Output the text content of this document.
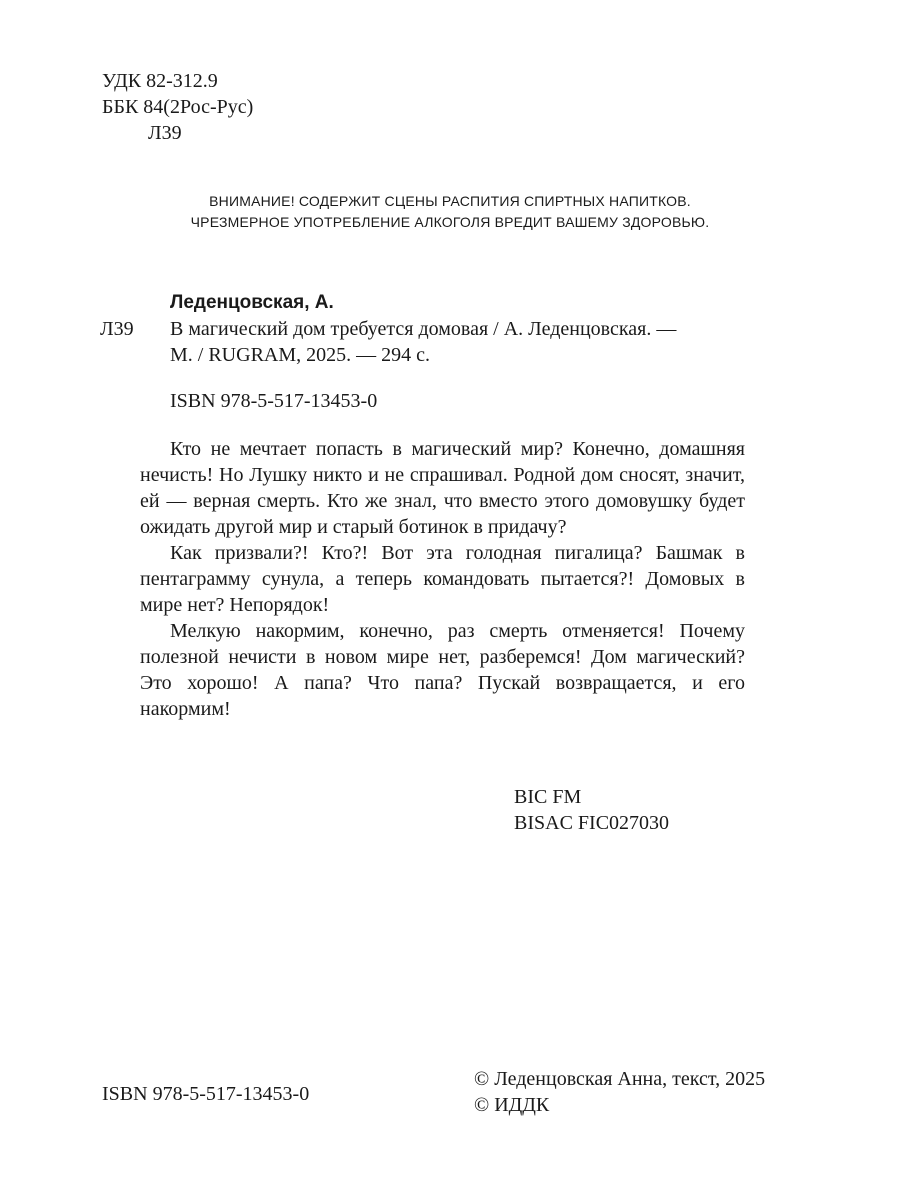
УДК 82-312.9
ББК 84(2Рос-Рус)
Л39
ВНИМАНИЕ! СОДЕРЖИТ СЦЕНЫ РАСПИТИЯ СПИРТНЫХ НАПИТКОВ.
ЧРЕЗМЕРНОЕ УПОТРЕБЛЕНИЕ АЛКОГОЛЯ ВРЕДИТ ВАШЕМУ ЗДОРОВЬЮ.
Леденцовская, А.
Л39 В магический дом требуется домовая / А. Леденцовская. —
М. / RUGRAM, 2025. — 294 с.
ISBN 978-5-517-13453-0

Кто не мечтает попасть в магический мир? Конечно, домашняя нечисть! Но Лушку никто и не спрашивал. Родной дом сносят, значит, ей — верная смерть. Кто же знал, что вместо этого домовушку будет ожидать другой мир и старый ботинок в придачу?

Как призвали?! Кто?! Вот эта голодная пигалица? Башмак в пентаграмму сунула, а теперь командовать пытается?! Домовых в мире нет? Непорядок!

Мелкую накормим, конечно, раз смерть отменяется! Почему полезной нечисти в новом мире нет, разберемся! Дом магический? Это хорошо! А папа? Что папа? Пускай возвращается, и его накормим!

BIC FM
BISAC FIC027030
ISBN 978-5-517-13453-0
© Леденцовская Анна, текст, 2025
© ИДДК
